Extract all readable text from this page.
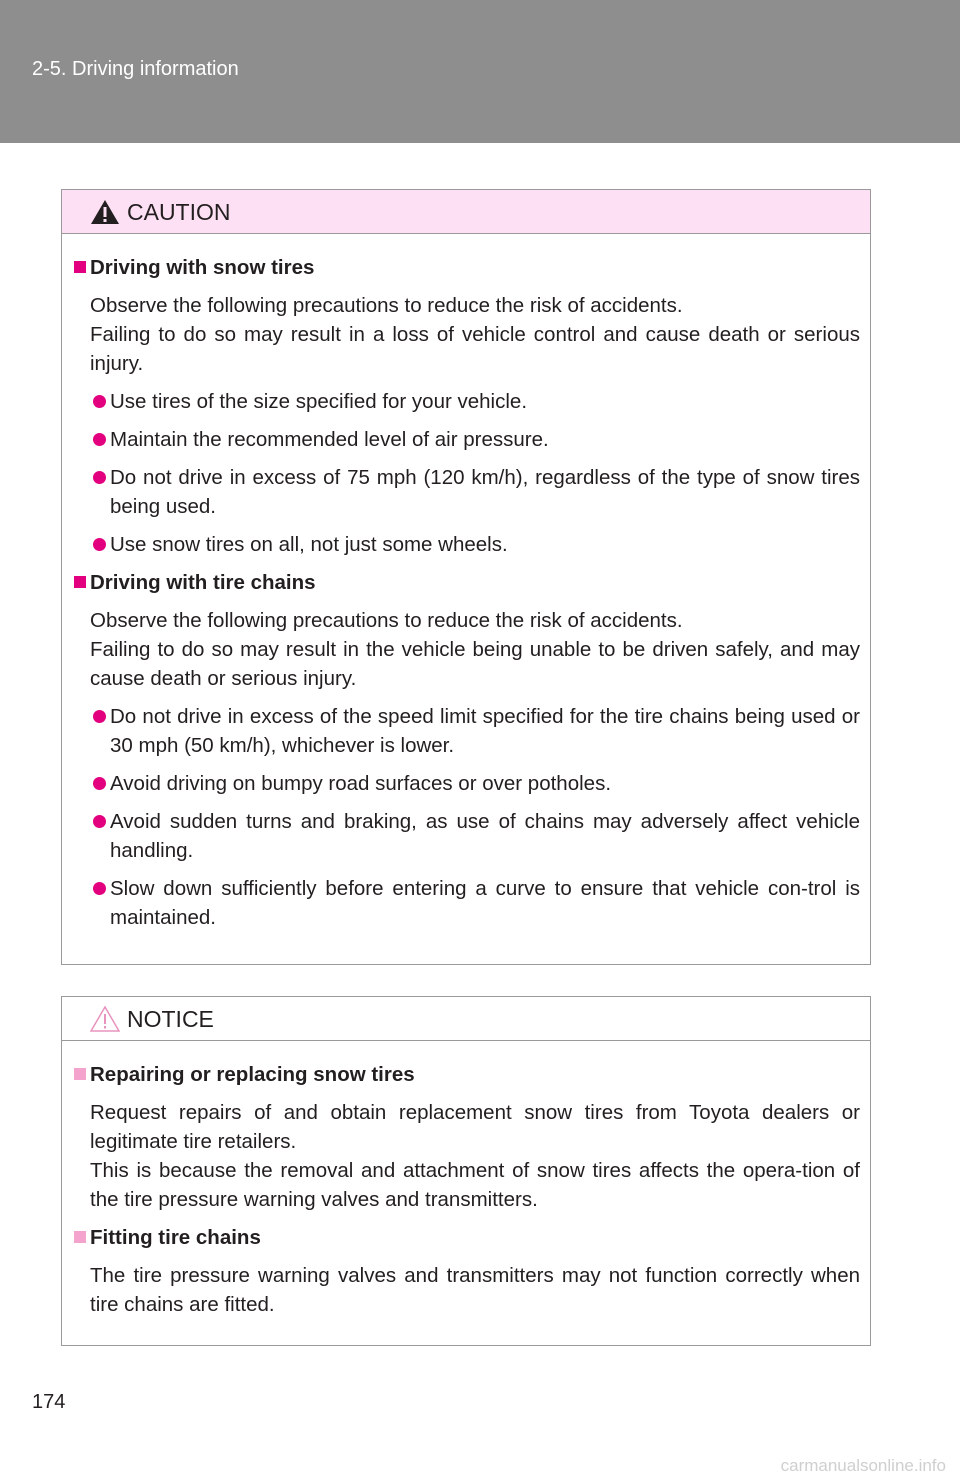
2-5. Driving information
CAUTION
Driving with snow tires
Observe the following precautions to reduce the risk of accidents.
Failing to do so may result in a loss of vehicle control and cause death or serious injury.
Use tires of the size specified for your vehicle.
Maintain the recommended level of air pressure.
Do not drive in excess of 75 mph (120 km/h), regardless of the type of snow tires being used.
Use snow tires on all, not just some wheels.
Driving with tire chains
Observe the following precautions to reduce the risk of accidents.
Failing to do so may result in the vehicle being unable to be driven safely, and may cause death or serious injury.
Do not drive in excess of the speed limit specified for the tire chains being used or 30 mph (50 km/h), whichever is lower.
Avoid driving on bumpy road surfaces or over potholes.
Avoid sudden turns and braking, as use of chains may adversely affect vehicle handling.
Slow down sufficiently before entering a curve to ensure that vehicle con-trol is maintained.
NOTICE
Repairing or replacing snow tires
Request repairs of and obtain replacement snow tires from Toyota dealers or legitimate tire retailers.
This is because the removal and attachment of snow tires affects the opera-tion of the tire pressure warning valves and transmitters.
Fitting tire chains
The tire pressure warning valves and transmitters may not function correctly when tire chains are fitted.
174
carmanualsonline.info
